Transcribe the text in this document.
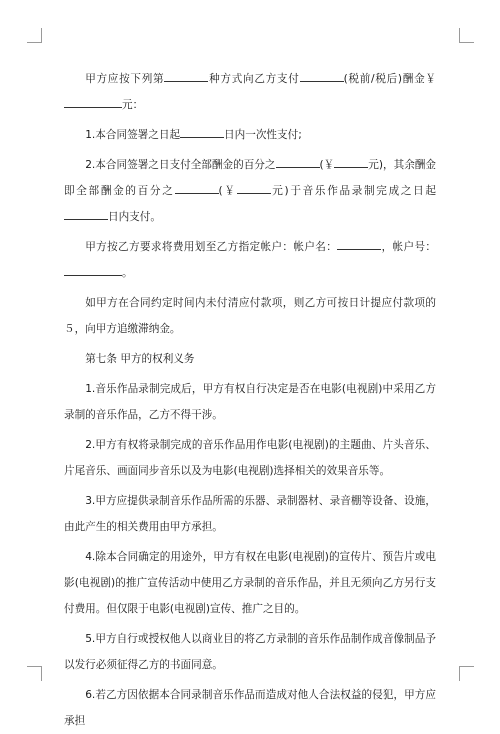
甲方应按下列第	种方式向乙方支付	(税前/税后)酬金￥元：

1.本合同签署之日起	日内一次性支付;

2.本合同签署之日支付全部酬金的百分之	(￥	元)，其余酬金即全部酬金的百分之	(￥	元)于音乐作品录制完成之日起日内支付。

甲方按乙方要求将费用划至乙方指定帐户：帐户名：	，帐户号：。

如甲方在合同约定时间内未付清应付款项，则乙方可按日计提应付款项的５，向甲方追缴滞纳金。

第七条 甲方的权利义务

1.音乐作品录制完成后，甲方有权自行决定是否在电影(电视剧)中采用乙方录制的音乐作品，乙方不得干涉。

2.甲方有权将录制完成的音乐作品用作电影(电视剧)的主题曲、片头音乐、片尾音乐、画面同步音乐以及为电影(电视剧)选择相关的效果音乐等。

3.甲方应提供录制音乐作品所需的乐器、录制器材、录音棚等设备、设施，由此产生的相关费用由甲方承担。

4.除本合同确定的用途外，甲方有权在电影(电视剧)的宣传片、预告片或电影(电视剧)的推广宣传活动中使用乙方录制的音乐作品，并且无须向乙方另行支付费用。但仅限于电影(电视剧)宣传、推广之目的。

5.甲方自行或授权他人以商业目的将乙方录制的音乐作品制作成音像制品予以发行必须征得乙方的书面同意。

6.若乙方因依据本合同录制音乐作品而造成对他人合法权益的侵犯，甲方应承担
